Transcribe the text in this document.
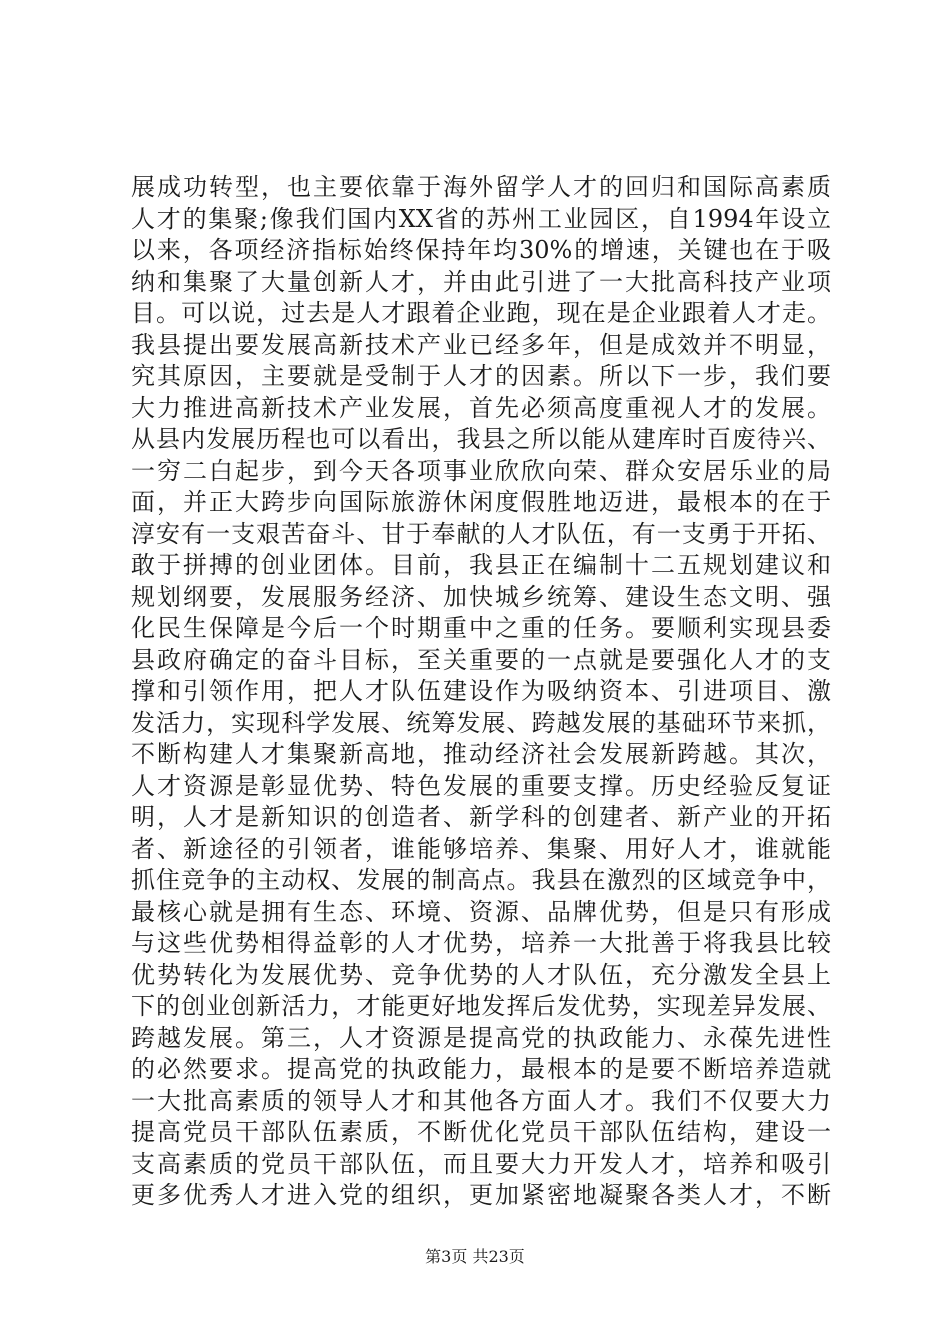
展成功转型，也主要依靠于海外留学人才的回归和国际高素质
人才的集聚;像我们国内XX省的苏州工业园区，自1994年设立
以来，各项经济指标始终保持年均30%的增速，关键也在于吸
纳和集聚了大量创新人才，并由此引进了一大批高科技产业项
目。可以说，过去是人才跟着企业跑，现在是企业跟着人才走。
我县提出要发展高新技术产业已经多年，但是成效并不明显，
究其原因，主要就是受制于人才的因素。所以下一步，我们要
大力推进高新技术产业发展，首先必须高度重视人才的发展。
从县内发展历程也可以看出，我县之所以能从建库时百废待兴、
一穷二白起步，到今天各项事业欣欣向荣、群众安居乐业的局
面，并正大跨步向国际旅游休闲度假胜地迈进，最根本的在于
淳安有一支艰苦奋斗、甘于奉献的人才队伍，有一支勇于开拓、
敢于拼搏的创业团体。目前，我县正在编制十二五规划建议和
规划纲要，发展服务经济、加快城乡统筹、建设生态文明、强
化民生保障是今后一个时期重中之重的任务。要顺利实现县委
县政府确定的奋斗目标，至关重要的一点就是要强化人才的支
撑和引领作用，把人才队伍建设作为吸纳资本、引进项目、激
发活力，实现科学发展、统筹发展、跨越发展的基础环节来抓，
不断构建人才集聚新高地，推动经济社会发展新跨越。其次，
人才资源是彰显优势、特色发展的重要支撑。历史经验反复证
明，人才是新知识的创造者、新学科的创建者、新产业的开拓
者、新途径的引领者，谁能够培养、集聚、用好人才，谁就能
抓住竞争的主动权、发展的制高点。我县在激烈的区域竞争中，
最核心就是拥有生态、环境、资源、品牌优势，但是只有形成
与这些优势相得益彰的人才优势，培养一大批善于将我县比较
优势转化为发展优势、竞争优势的人才队伍，充分激发全县上
下的创业创新活力，才能更好地发挥后发优势，实现差异发展、
跨越发展。第三，人才资源是提高党的执政能力、永葆先进性
的必然要求。提高党的执政能力，最根本的是要不断培养造就
一大批高素质的领导人才和其他各方面人才。我们不仅要大力
提高党员干部队伍素质，不断优化党员干部队伍结构，建设一
支高素质的党员干部队伍，而且要大力开发人才，培养和吸引
更多优秀人才进入党的组织，更加紧密地凝聚各类人才，不断
第3页 共23页
